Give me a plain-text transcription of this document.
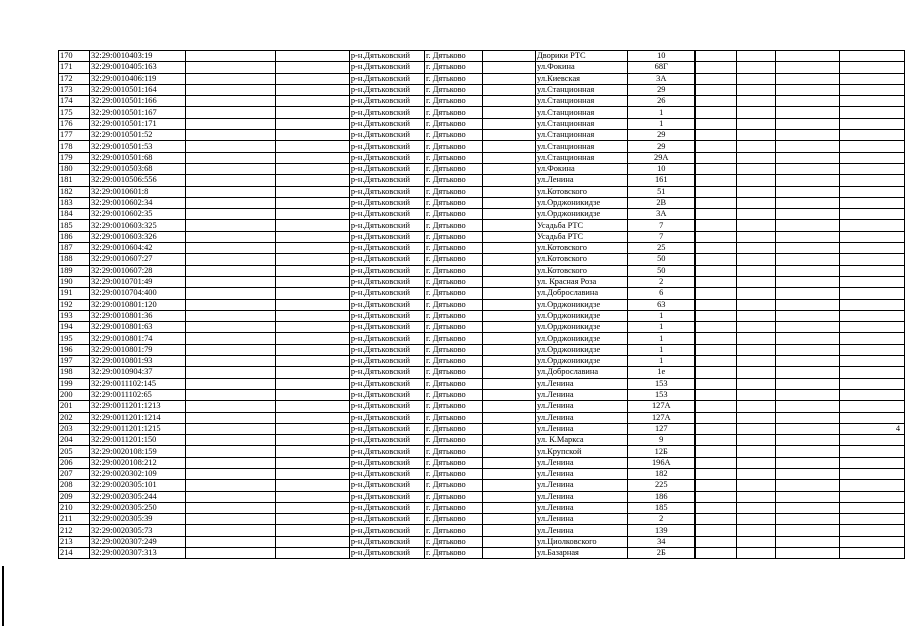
170	32:29:0010403:19			р-н.Дятьковский	г. Дятьково		Дворики РТС	10				
171	32:29:0010405:163			р-н.Дятьковский	г. Дятьково		ул.Фокина	68Г				
172	32:29:0010406:119			р-н.Дятьковский	г. Дятьково		ул.Киевская	3А				
173	32:29:0010501:164			р-н.Дятьковский	г. Дятьково		ул.Станционная	29				
174	32:29:0010501:166			р-н.Дятьковский	г. Дятьково		ул.Станционная	26				
175	32:29:0010501:167			р-н.Дятьковский	г. Дятьково		ул.Станционная	1				
176	32:29:0010501:171			р-н.Дятьковский	г. Дятьково		ул.Станционная	1				
177	32:29:0010501:52			р-н.Дятьковский	г. Дятьково		ул.Станционная	29				
178	32:29:0010501:53			р-н.Дятьковский	г. Дятьково		ул.Станционная	29				
179	32:29:0010501:68			р-н.Дятьковский	г. Дятьково		ул.Станционная	29А				
180	32:29:0010503:68			р-н.Дятьковский	г. Дятьково		ул.Фокина	10				
181	32:29:0010506:556			р-н.Дятьковский	г. Дятьково		ул.Ленина	161				
182	32:29:0010601:8			р-н.Дятьковский	г. Дятьково		ул.Котовского	51				
183	32:29:0010602:34			р-н.Дятьковский	г. Дятьково		ул.Орджоникидзе	2В				
184	32:29:0010602:35			р-н.Дятьковский	г. Дятьково		ул.Орджоникидзе	3А				
185	32:29:0010603:325			р-н.Дятьковский	г. Дятьково		Усадьба РТС	7				
186	32:29:0010603:326			р-н.Дятьковский	г. Дятьково		Усадьба РТС	7				
187	32:29:0010604:42			р-н.Дятьковский	г. Дятьково		ул.Котовского	25				
188	32:29:0010607:27			р-н.Дятьковский	г. Дятьково		ул.Котовского	50				
189	32:29:0010607:28			р-н.Дятьковский	г. Дятьково		ул.Котовского	50				
190	32:29:0010701:49			р-н.Дятьковский	г. Дятьково		ул. Красная Роза	2				
191	32:29:0010704:400			р-н.Дятьковский	г. Дятьково		ул.Доброславина	6				
192	32:29:0010801:120			р-н.Дятьковский	г. Дятьково		ул.Орджоникидзе	63				
193	32:29:0010801:36			р-н.Дятьковский	г. Дятьково		ул.Орджоникидзе	1				
194	32:29:0010801:63			р-н.Дятьковский	г. Дятьково		ул.Орджоникидзе	1				
195	32:29:0010801:74			р-н.Дятьковский	г. Дятьково		ул.Орджоникидзе	1				
196	32:29:0010801:79			р-н.Дятьковский	г. Дятьково		ул.Орджоникидзе	1				
197	32:29:0010801:93			р-н.Дятьковский	г. Дятьково		ул.Орджоникидзе	1				
198	32:29:0010904:37			р-н.Дятьковский	г. Дятьково		ул.Доброславина	1е				
199	32:29:0011102:145			р-н.Дятьковский	г. Дятьково		ул.Ленина	153				
200	32:29:0011102:65			р-н.Дятьковский	г. Дятьково		ул.Ленина	153				
201	32:29:0011201:1213			р-н.Дятьковский	г. Дятьково		ул.Ленина	127А				
202	32:29:0011201:1214			р-н.Дятьковский	г. Дятьково		ул.Ленина	127А				
203	32:29:0011201:1215			р-н.Дятьковский	г. Дятьково		ул.Ленина	127				4
204	32:29:0011201:150			р-н.Дятьковский	г. Дятьково		ул. К.Маркса	9				
205	32:29:0020108:159			р-н.Дятьковский	г. Дятьково		ул.Крупской	12Б				
206	32:29:0020108:212			р-н.Дятьковский	г. Дятьково		ул.Ленина	196А				
207	32:29:0020302:109			р-н.Дятьковский	г. Дятьково		ул.Ленина	182				
208	32:29:0020305:101			р-н.Дятьковский	г. Дятьково		ул.Ленина	225				
209	32:29:0020305:244			р-н.Дятьковский	г. Дятьково		ул.Ленина	186				
210	32:29:0020305:250			р-н.Дятьковский	г. Дятьково		ул.Ленина	185				
211	32:29:0020305:39			р-н.Дятьковский	г. Дятьково		ул.Ленина	2				
212	32:29:0020305:73			р-н.Дятьковский	г. Дятьково		ул.Ленина	139				
213	32:29:0020307:249			р-н.Дятьковский	г. Дятьково		ул.Циолковского	34				
214	32:29:0020307:313			р-н.Дятьковский	г. Дятьково		ул.Базарная	2Б				
